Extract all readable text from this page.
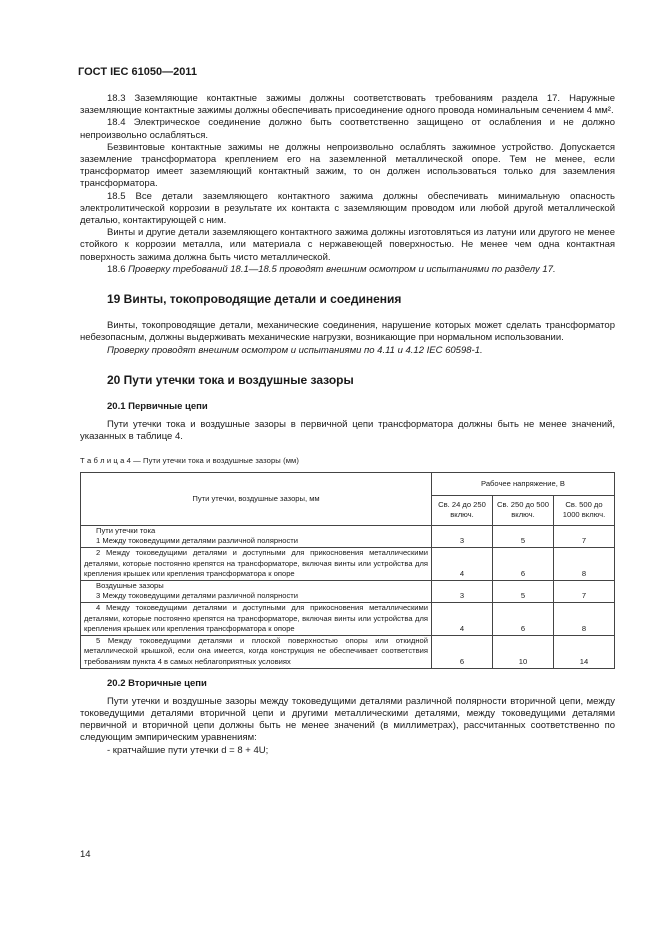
ГОСТ IEC 61050—2011

18.3 Заземляющие контактные зажимы должны соответствовать требованиям раздела 17. Наружные заземляющие контактные зажимы должны обеспечивать присоединение одного провода номинальным сечением 4 мм².

18.4 Электрическое соединение должно быть соответственно защищено от ослабления и не должно непроизвольно ослабляться.

Безвинтовые контактные зажимы не должны непроизвольно ослаблять зажимное устройство. Допускается заземление трансформатора креплением его на заземленной металлической опоре. Тем не менее, если трансформатор имеет заземляющий контактный зажим, то он должен использоваться только для заземления трансформатора.

18.5 Все детали заземляющего контактного зажима должны обеспечивать минимальную опасность электролитической коррозии в результате их контакта с заземляющим проводом или любой другой металлической деталью, контактирующей с ним.

Винты и другие детали заземляющего контактного зажима должны изготовляться из латуни или другого не менее стойкого к коррозии металла, или материала с нержавеющей поверхностью. Не менее чем одна контактная поверхность зажима должна быть чисто металлической.

18.6 Проверку требований 18.1—18.5 проводят внешним осмотром и испытаниями по разделу 17.

19 Винты, токопроводящие детали и соединения

Винты, токопроводящие детали, механические соединения, нарушение которых может сделать трансформатор небезопасным, должны выдерживать механические нагрузки, возникающие при нормальном использовании.

Проверку проводят внешним осмотром и испытаниями по 4.11 и 4.12 IEC 60598-1.

20 Пути утечки тока и воздушные зазоры
20.1 Первичные цепи

Пути утечки тока и воздушные зазоры в первичной цепи трансформатора должны быть не менее значений, указанных в таблице 4.

Т а б л и ц а 4 — Пути утечки тока и воздушные зазоры (мм)
Пути утечки, воздушные зазоры, мм	Рабочее напряжение, В		
	Св. 24 до 250 включ.	Св. 250 до 500 включ.	Св. 500 до 1000 включ.

Пути утечки тока
1 Между токоведущими деталями различной полярности	3	5	7
2 Между токоведущими деталями и доступными для прикосновения металлическими деталями, которые постоянно крепятся на трансформаторе, включая винты или устройства для крепления крышек или крепления трансформатора к опоре	4	6	8

Воздушные зазоры
3 Между токоведущими деталями различной полярности	3	5	7
4 Между токоведущими деталями и доступными для прикосновения металлическими деталями, которые постоянно крепятся на трансформаторе, включая винты или устройства для крепления крышек или крепления трансформатора к опоре	4	6	8
5 Между токоведущими деталями и плоской поверхностью опоры или откидной металлической крышкой, если она имеется, когда конструкция не обеспечивает соответствия требованиям пункта 4 в самых неблагоприятных условиях	6	10	14
20.2 Вторичные цепи

Пути утечки и воздушные зазоры между токоведущими деталями различной полярности вторичной цепи, между токоведущими деталями вторичной цепи и другими металлическими деталями, между токоведущими деталями первичной и вторичной цепи должны быть не менее значений (в миллиметрах), рассчитанных соответственно по следующим эмпирическим уравнениям:

- кратчайшие пути утечки d = 8 + 4U;

14
